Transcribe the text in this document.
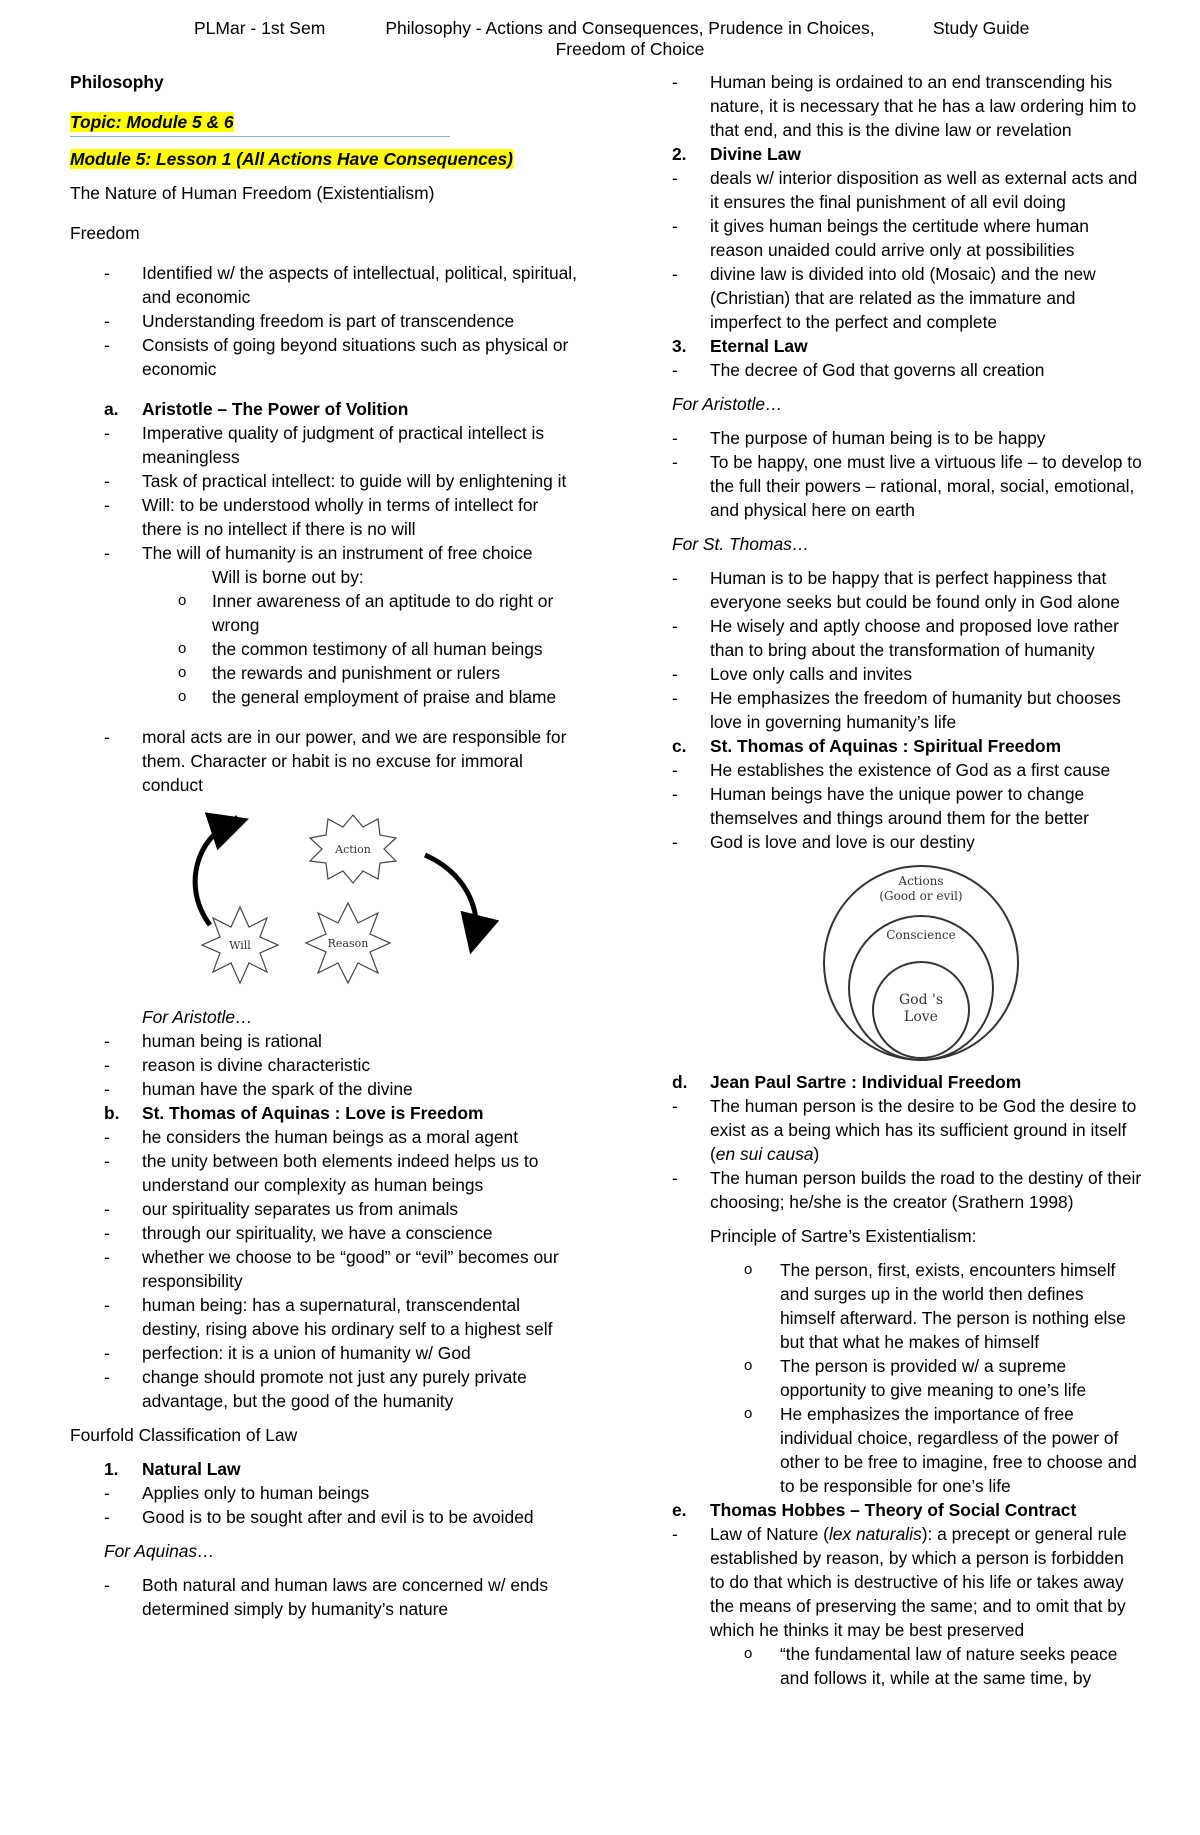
PLMar - 1st Sem	Philosophy - Actions and Consequences, Prudence in Choices,
Freedom of Choice
Study Guide

Philosophy

Topic: Module 5 & 6

Module 5: Lesson 1 (All Actions Have Consequences)

The Nature of Human Freedom (Existentialism)

Freedom

- Identified w/ the aspects of intellectual, political, spiritual, and economic
- Understanding freedom is part of transcendence
- Consists of going beyond situations such as physical or economic
a. Aristotle – The Power of Volition
- Imperative quality of judgment of practical intellect is meaningless
- Task of practical intellect: to guide will by enlightening it
- Will: to be understood wholly in terms of intellect for there is no intellect if there is no will
- The will of humanity is an instrument of free choice
Will is borne out by:
o Inner awareness of an aptitude to do right or wrong
o the common testimony of all human beings
o the rewards and punishment or rulers
o the general employment of praise and blame
- moral acts are in our power, and we are responsible for them. Character or habit is no excuse for immoral conduct
Action
Will	Reason
For Aristotle…
- human being is rational
- reason is divine characteristic
- human have the spark of the divine
b. St. Thomas of Aquinas : Love is Freedom
- he considers the human beings as a moral agent
- the unity between both elements indeed helps us to understand our complexity as human beings
- our spirituality separates us from animals
- through our spirituality, we have a conscience
- whether we choose to be “good” or “evil” becomes our responsibility
- human being: has a supernatural, transcendental destiny, rising above his ordinary self to a highest self
- perfection: it is a union of humanity w/ God
- change should promote not just any purely private advantage, but the good of the humanity

Fourfold Classification of Law

1. Natural Law
- Applies only to human beings
- Good is to be sought after and evil is to be avoided
For Aquinas…
- Both natural and human laws are concerned w/ ends determined simply by humanity’s nature
- Human being is ordained to an end transcending his nature, it is necessary that he has a law ordering him to that end, and this is the divine law or revelation
2. Divine Law
- deals w/ interior disposition as well as external acts and it ensures the final punishment of all evil doing
- it gives human beings the certitude where human reason unaided could arrive only at possibilities
- divine law is divided into old (Mosaic) and the new (Christian) that are related as the immature and imperfect to the perfect and complete
3. Eternal Law
- The decree of God that governs all creation

For Aristotle…

- The purpose of human being is to be happy
- To be happy, one must live a virtuous life – to develop to the full their powers – rational, moral, social, emotional, and physical here on earth

For St. Thomas…

- Human is to be happy that is perfect happiness that everyone seeks but could be found only in God alone
- He wisely and aptly choose and proposed love rather than to bring about the transformation of humanity
- Love only calls and invites
- He emphasizes the freedom of humanity but chooses love in governing humanity’s life
c. St. Thomas of Aquinas : Spiritual Freedom
- He establishes the existence of God as a first cause
- Human beings have the unique power to change themselves and things around them for the better
- God is love and love is our destiny
Actions
(Good or evil)
Conscience
God 's
Love
d. Jean Paul Sartre : Individual Freedom
- The human person is the desire to be God the desire to exist as a being which has its sufficient ground in itself (en sui causa)
- The human person builds the road to the destiny of their choosing; he/she is the creator (Srathern 1998)
Principle of Sartre’s Existentialism:
o The person, first, exists, encounters himself and surges up in the world then defines himself afterward. The person is nothing else but that what he makes of himself
o The person is provided w/ a supreme opportunity to give meaning to one’s life
o He emphasizes the importance of free individual choice, regardless of the power of other to be free to imagine, free to choose and to be responsible for one’s life
e. Thomas Hobbes – Theory of Social Contract
- Law of Nature (lex naturalis): a precept or general rule established by reason, by which a person is forbidden to do that which is destructive of his life or takes away the means of preserving the same; and to omit that by which he thinks it may be best preserved
o “the fundamental law of nature seeks peace and follows it, while at the same time, by
